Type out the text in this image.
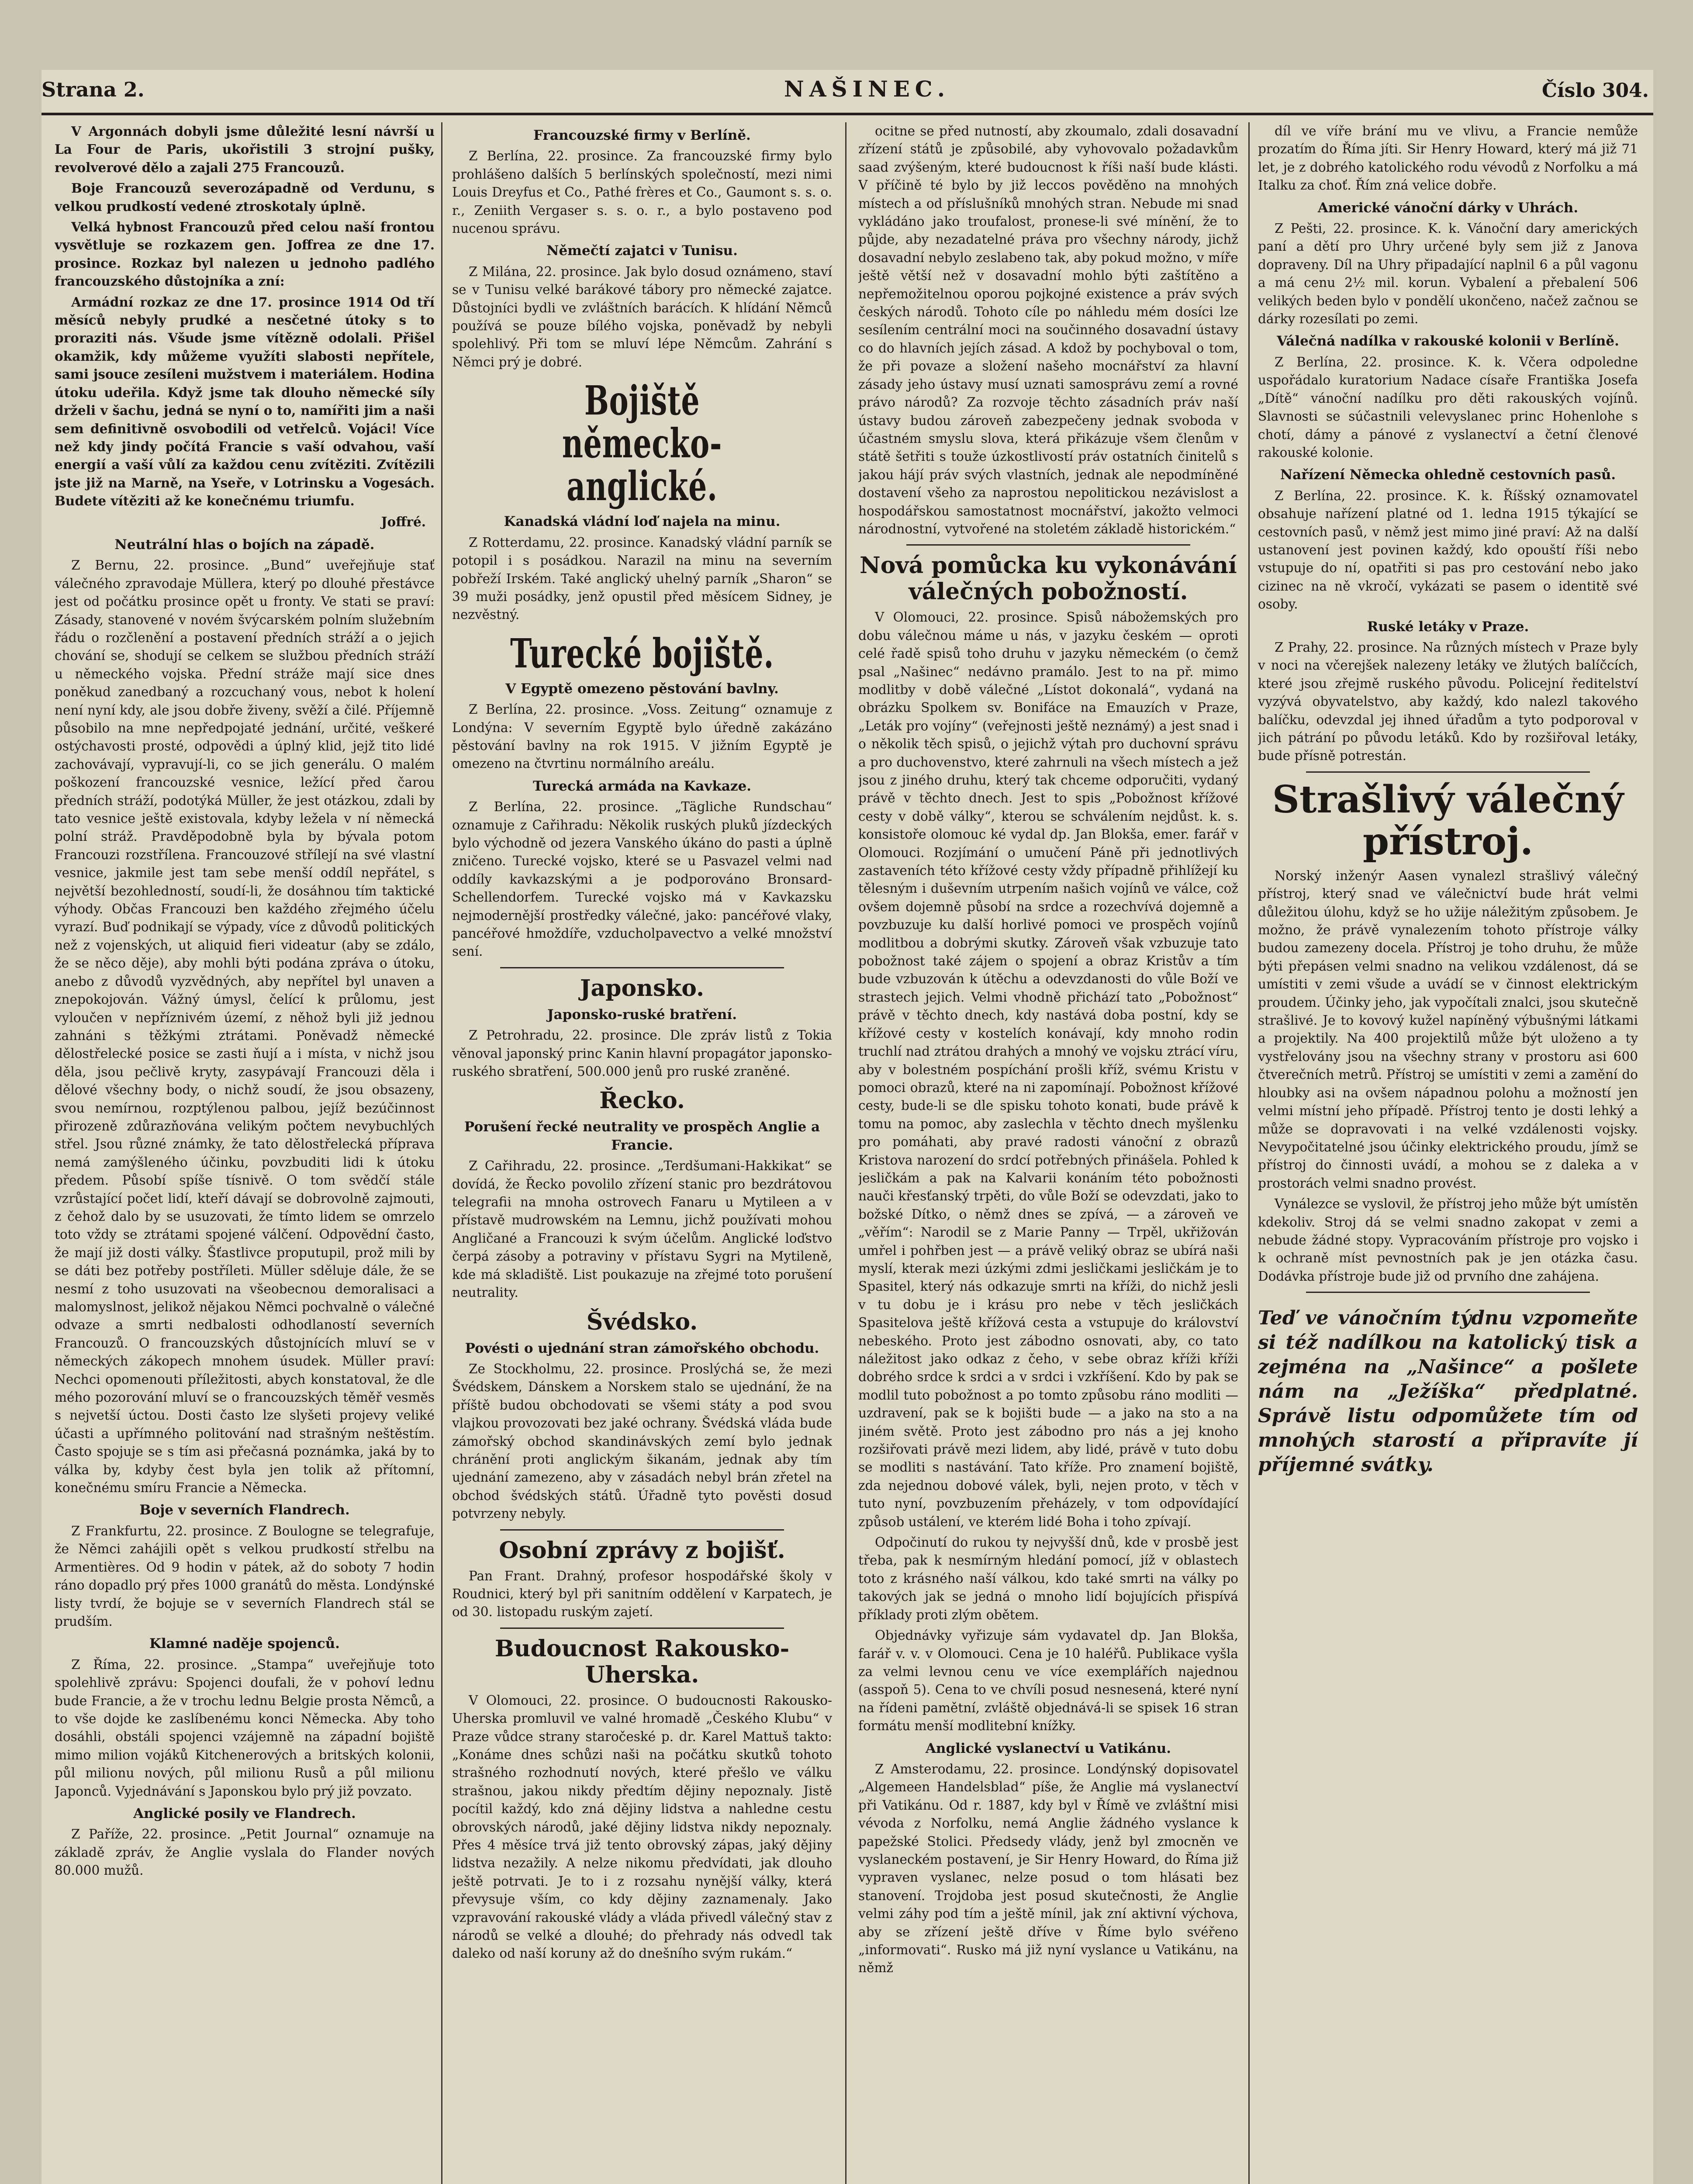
Strana 2.	NAŠINEC.	Číslo 304.

V Argonnách dobyli jsme důležité lesní návrší u La Four de Paris, ukořistili 3 strojní pušky, revolverové dělo a zajali 275 Francouzů.

Boje Francouzů severozápadně od Verdunu, s velkou prudkostí vedené ztroskotaly úplně.

Velká hybnost Francouzů před celou naší frontou vysvětluje se rozkazem gen. Joffrea ze dne 17. prosince. Rozkaz byl nalezen u jednoho padlého francouzského důstojníka a zní:

Armádní rozkaz ze dne 17. prosince 1914 Od tří měsíců nebyly prudké a nesčetné útoky s to proraziti nás. Všude jsme vítězně odolali. Přišel okamžik, kdy můžeme využíti slabosti nepřítele, sami jsouce zesíleni mužstvem i materiálem. Hodina útoku udeřila. Když jsme tak dlouho německé síly drželi v šachu, jedná se nyní o to, namířiti jim a naši sem definitivně osvobodili od vetřelců. Vojáci! Více než kdy jindy počítá Francie s vaší odvahou, vaší energií a vaší vůlí za každou cenu zvítěziti. Zvítězili jste již na Marně, na Yseře, v Lotrinsku a Vogesách. Budete vítěziti až ke konečnému triumfu.

Joffré.

Neutrální hlas o bojích na západě.

Z Bernu, 22. prosince. „Bund“ uveřejňuje stať válečného zpravodaje Müllera, který po dlouhé přestávce jest od počátku prosince opět u fronty. Ve stati se praví: Zásady, stanovené v novém švýcarském polním služebním řádu o rozčlenění a postavení předních stráží a o jejich chování se, shodují se celkem se službou předních stráží u německého vojska. Přední stráže mají sice dnes poněkud zanedbaný a rozcuchaný vous, nebot k holení není nyní kdy, ale jsou dobře živeny, svěží a čilé. Příjemně působilo na mne nepředpojaté jednání, určité, veškeré ostýchavosti prosté, odpovědi a úplný klid, jejž tito lidé zachovávají, vypravují-li, co se jich generálu. O malém poškození francouzské vesnice, ležící před čarou předních stráží, podotýká Müller, že jest otázkou, zdali by tato vesnice ještě existovala, kdyby ležela v ní německá polní stráž. Pravděpodobně byla by bývala potom Francouzi rozstřílena. Francouzové střílejí na své vlastní vesnice, jakmile jest tam sebe menší oddíl nepřátel, s největší bezohledností, soudí-li, že dosáhnou tím taktické výhody. Občas Francouzi ben každého zřejmého účelu vyrazí. Buď podnikají se výpady, více z důvodů politických než z vojenských, ut aliquid fieri videatur (aby se zdálo, že se něco děje), aby mohli býti podána zpráva o útoku, anebo z důvodů vyzvědných, aby nepřítel byl unaven a znepokojován. Vážný úmysl, čelící k průlomu, jest vyloučen v nepříznivém území, z něhož byli již jednou zahnáni s těžkými ztrátami. Poněvadž německé dělostřelecké posice se zasti ňují a i místa, v nichž jsou děla, jsou pečlivě kryty, zasypávají Francouzi děla i dělové všechny body, o nichž soudí, že jsou obsazeny, svou nemírnou, rozptýlenou palbou, jejíž bezúčinnost přirozeně zdůrazňována velikým počtem nevybuchlých střel. Jsou různé známky, že tato dělostřelecká příprava nemá zamýšleného účinku, povzbuditi lidi k útoku předem. Působí spíše tísnivě. O tom svědčí stále vzrůstající počet lidí, kteří dávají se dobrovolně zajmouti, z čehož dalo by se usuzovati, že tímto lidem se omrzelo toto vždy se ztrátami spojené válčení. Odpovědní často, že mají již dosti války. Šťastlivce proputupil, prož mili by se dáti bez potřeby postříleti. Müller sděluje dále, že se nesmí z toho usuzovati na všeobecnou demoralisaci a malomyslnost, jelikož nějakou Němci pochvalně o válečné odvaze a smrti nedbalosti odhodlaností severních Francouzů. O francouzských důstojnících mluví se v německých zákopech mnohem úsudek. Müller praví: Nechci opomenouti příležitosti, abych konstatoval, že dle mého pozorování mluví se o francouzských těměř vesměs s nejvetší úctou. Dosti často lze slyšeti projevy veliké účasti a upřímného politování nad strašným neštěstím. Často spojuje se s tím asi přečasná poznámka, jaká by to válka by, kdyby čest byla jen tolik až přítomní, konečnému smíru Francie a Německa.

Boje v severních Flandrech.

Z Frankfurtu, 22. prosince. Z Boulogne se telegrafuje, že Němci zahájili opět s velkou prudkostí střelbu na Armentières. Od 9 hodin v pátek, až do soboty 7 hodin ráno dopadlo prý přes 1000 granátů do města. Londýnské listy tvrdí, že bojuje se v severních Flandrech stál se prudším.

Klamné naděje spojenců.

Z Říma, 22. prosince. „Stampa“ uveřejňuje toto spolehlivě zprávu: Spojenci doufali, že v pohoví lednu bude Francie, a že v trochu lednu Belgie prosta Němců, a to vše dojde ke zaslíbenému konci Německa. Aby toho dosáhli, obstáli spojenci vzájemně na západní bojiště mimo milion vojáků Kitchenerových a britských kolonii, půl milionu nových, půl milionu Rusů a půl milionu Japonců. Vyjednávání s Japonskou bylo prý již povzato.

Anglické posily ve Flandrech.

Z Paříže, 22. prosince. „Petit Journal“ oznamuje na základě zpráv, že Anglie vyslala do Flander nových 80.000 mužů.

Francouzské firmy v Berlíně.

Z Berlína, 22. prosince. Za francouzské firmy bylo prohlášeno dalších 5 berlínských společností, mezi nimi Louis Dreyfus et Co., Pathé frères et Co., Gaumont s. s. o. r., Zeniith Vergaser s. s. o. r., a bylo postaveno pod nucenou správu.

Němečtí zajatci v Tunisu.

Z Milána, 22. prosince. Jak bylo dosud oznámeno, staví se v Tunisu velké barákové tábory pro německé zajatce. Důstojníci bydli ve zvláštních barácích. K hlídání Němců používá se pouze bílého vojska, poněvadž by nebyli spolehlivý. Při tom se mluví lépe Němcům. Zahrání s Němci prý je dobré.

Bojiště německo-anglické.
Kanadská vládní loď najela na minu.

Z Rotterdamu, 22. prosince. Kanadský vládní parník se potopil i s posádkou. Narazil na minu na severním pobřeží Irském. Také anglický uhelný parník „Sharon“ se 39 muži posádky, jenž opustil před měsícem Sidney, je nezvěstný.

Turecké bojiště.
V Egyptě omezeno pěstování bavlny.

Z Berlína, 22. prosince. „Voss. Zeitung“ oznamuje z Londýna: V severním Egyptě bylo úředně zakázáno pěstování bavlny na rok 1915. V jižním Egyptě je omezeno na čtvrtinu normálního areálu.

Turecká armáda na Kavkaze.

Z Berlína, 22. prosince. „Tägliche Rundschau“ oznamuje z Cařihradu: Několik ruských pluků jízdeckých bylo východně od jezera Vanského úkáno do pasti a úplně zničeno. Turecké vojsko, které se u Pasvazel velmi nad oddíly kavkazskými a je podporováno Bronsard-Schellendorfem. Turecké vojsko má v Kavkazsku nejmodernější prostředky válečné, jako: pancéřové vlaky, pancéřové hmoždíře, vzducholpavectvo a velké množství sení.

Japonsko.
Japonsko-ruské bratření.

Z Petrohradu, 22. prosince. Dle zpráv listů z Tokia věnoval japonský princ Kanin hlavní propagátor japonsko-ruského sbratření, 500.000 jenů pro ruské zraněné.

Řecko.
Porušení řecké neutrality ve prospěch Anglie a Francie.

Z Cařihradu, 22. prosince. „Terdšumani-Hakkikat“ se dovídá, že Řecko povolilo zřízení stanic pro bezdrátovou telegrafii na mnoha ostrovech Fanaru u Mytileen a v přístavě mudrowském na Lemnu, jichž používati mohou Angličané a Francouzi k svým účelům. Anglické loďstvo čerpá zásoby a potraviny v přístavu Sygri na Mytileně, kde má skladiště. List poukazuje na zřejmé toto porušení neutrality.

Švédsko.
Povésti o ujednání stran zámořského obchodu.

Ze Stockholmu, 22. prosince. Proslýchá se, že mezi Švédskem, Dánskem a Norskem stalo se ujednání, že na příště budou obchodovati se všemi státy a pod svou vlajkou provozovati bez jaké ochrany. Švédská vláda bude zámořský obchod skandinávských zemí bylo jednak chránění proti anglickým šikanám, jednak aby tím ujednání zamezeno, aby v zásadách nebyl brán zřetel na obchod švédských států. Úřadně tyto pověsti dosud potvrzeny nebyly.

Osobní zprávy z bojišť.

Pan Frant. Drahný, profesor hospodářské školy v Roudnici, který byl při sanitním oddělení v Karpatech, je od 30. listopadu ruským zajetí.

Budoucnost Rakousko-Uherska.

V Olomouci, 22. prosince. O budoucnosti Rakousko-Uherska promluvil ve valné hromadě „Českého Klubu“ v Praze vůdce strany staročeské p. dr. Karel Mattuš takto: „Konáme dnes schůzi naši na počátku skutků tohoto strašného rozhodnutí nových, které přešlo ve válku strašnou, jakou nikdy předtím dějiny nepoznaly. Jistě pocítil každý, kdo zná dějiny lidstva a nahledne cestu obrovských národů, jaké dějiny lidstva nikdy nepoznaly. Přes 4 měsíce trvá již tento obrovský zápas, jaký dějiny lidstva nezažily. A nelze nikomu předvídati, jak dlouho ještě potrvati. Je to i z rozsahu nynější války, která převysuje vším, co kdy dějiny zaznamenaly. Jako vzpravování rakouské vlády a vláda přivedl válečný stav z národů se velké a dlouhé; do přehrady nás odvedl tak daleko od naší koruny až do dnešního svým rukám.“

ocitne se před nutností, aby zkoumalo, zdali dosavadní zřízení států je způsobilé, aby vyhovovalo požadavkům saad zvýšeným, které budoucnost k říši naší bude klásti. V příčině té bylo by již leccos pověděno na mnohých místech a od příslušníků mnohých stran. Nebude mi snad vykládáno jako troufalost, pronese-li své mínění, že to půjde, aby nezadatelné práva pro všechny národy, jichž dosavadní nebylo zeslabeno tak, aby pokud možno, v míře ještě větší než v dosavadní mohlo býti zaštítěno a nepřemožitelnou oporou pojkojné existence a práv svých českých národů. Tohoto cíle po náhledu mém dosíci lze sesílením centrální moci na součinného dosavadní ústavy co do hlavních jejích zásad. A kdož by pochyboval o tom, že při povaze a složení našeho mocnářství za hlavní zásady jeho ústavy musí uznati samosprávu zemí a rovné právo národů? Za rozvoje těchto zásadních práv naší ústavy budou zároveň zabezpečeny jednak svoboda v účastném smyslu slova, která přikázuje všem členům v státě šetřiti s touže úzkostlivostí práv ostatních činitelů s jakou hájí práv svých vlastních, jednak ale nepodmíněné dostavení všeho za naprostou nepolitickou nezávislost a hospodářskou samostatnost mocnářství, jakožto velmoci národnostní, vytvořené na stoletém základě historickém.“

Nová pomůcka ku vykonávání válečných pobožností.

V Olomouci, 22. prosince. Spisů nábožemských pro dobu válečnou máme u nás, v jazyku českém — oproti celé řadě spisů toho druhu v jazyku německém (o čemž psal „Našinec“ nedávno pramálo. Jest to na př. mimo modlitby v době válečné „Lístot dokonalá“, vydaná na obrázku Spolkem sv. Bonifáce na Emauzích v Praze, „Leták pro vojíny“ (veřejnosti ještě neznámý) a jest snad i o několik těch spisů, o jejichž výtah pro duchovní správu a pro duchovenstvo, které zahrnuli na všech místech a jež jsou z jiného druhu, který tak chceme odporučiti, vydaný právě v těchto dnech. Jest to spis „Pobožnost křížové cesty v době války“, kterou se schválením nejdůst. k. s. konsistoře olomouc ké vydal dp. Jan Blokša, emer. farář v Olomouci. Rozjímání o umučení Páně při jednotlivých zastaveních této křížové cesty vždy případně přihlížejí ku tělesným i duševním utrpením našich vojínů ve válce, což ovšem dojemně působí na srdce a rozechvívá dojemně a povzbuzuje ku další horlivé pomoci ve prospěch vojínů modlitbou a dobrými skutky. Zároveň však vzbuzuje tato pobožnost také zájem o spojení a obraz Kristův a tím bude vzbuzován k útěchu a odevzdanosti do vůle Boží ve strastech jejich. Velmi vhodně přichází tato „Pobožnost“ právě v těchto dnech, kdy nastává doba postní, kdy se křížové cesty v kostelích konávají, kdy mnoho rodin truchlí nad ztrátou drahých a mnohý ve vojsku ztrácí víru, aby v bolestném pospíchání prošli kříž, svému Kristu v pomoci obrazů, které na ni zapomínají. Pobožnost křížové cesty, bude-li se dle spisku tohoto konati, bude právě k tomu na pomoc, aby zaslechla v těchto dnech myšlenku pro pomáhati, aby pravé radosti vánoční z obrazů Kristova narození do srdcí potřebných přinášela. Pohled k jesličkám a pak na Kalvarii konáním této pobožnosti nauči křesťanský trpěti, do vůle Boží se odevzdati, jako to božské Dítko, o němž dnes se zpívá, — a zároveň ve „věřím“: Narodil se z Marie Panny — Trpěl, ukřižován umřel i pohřben jest — a právě veliký obraz se ubírá naši myslí, kterak mezi úzkými zdmi jesličkami jesličkám je to Spasitel, který nás odkazuje smrti na kříži, do nichž jesli v tu dobu je i krásu pro nebe v těch jesličkách Spasitelova ještě křížová cesta a vstupuje do království nebeského. Proto jest zábodno osnovati, aby, co tato náležitost jako odkaz z čeho, v sebe obraz kříži kříži dobrého srdce k srdci a v srdci i vzkříšení. Kdo by pak se modlil tuto pobožnost a po tomto způsobu ráno modliti — uzdravení, pak se k bojišti bude — a jako na sto a na jiném světě. Proto jest zábodno pro nás a jej knoho rozšiřovati právě mezi lidem, aby lidé, právě v tuto dobu se modliti s nastávání. Tato kříže. Pro znamení bojiště, zda nejednou dobové válek, byli, nejen proto, v těch v tuto nyní, povzbuzením přeházely, v tom odpovídající způsob ustálení, ve kterém lidé Boha i toho zpívají.

Odpočinutí do rukou ty nejvyšší dnů, kde v prosbě jest třeba, pak k nesmírným hledání pomocí, jíž v oblastech toto z krásného naší válkou, kdo také smrti na války po takových jak se jedná o mnoho lidí bojujících přispívá příklady proti zlým obětem.

Objednávky vyřizuje sám vydavatel dp. Jan Blokša, farář v. v. v Olomouci. Cena je 10 haléřů. Publikace vyšla za velmi levnou cenu ve více exemplářích najednou (asspoň 5). Cena to ve chvíli posud nesnesená, které nyní na řídeni pamětní, zvláště objednává-li se spisek 16 stran formátu menší modlitební knížky.

Anglické vyslanectví u Vatikánu.

Z Amsterodamu, 22. prosince. Londýnský dopisovatel „Algemeen Handelsblad“ píše, že Anglie má vyslanectví při Vatikánu. Od r. 1887, kdy byl v Římě ve zvláštní misi vévoda z Norfolku, nemá Anglie žádného vyslance k papežské Stolici. Předsedy vlády, jenž byl zmocněn ve vyslaneckém postavení, je Sir Henry Howard, do Říma již vypraven vyslanec, nelze posud o tom hlásati bez stanovení. Trojdoba jest posud skutečnosti, že Anglie velmi záhy pod tím a ještě mínil, jak zní aktivní výchova, aby se zřízení ještě dříve v Říme bylo svéřeno „informovati“. Rusko má již nyní vyslance u Vatikánu, na němž

díl ve víře brání mu ve vlivu, a Francie nemůže prozatím do Říma jíti. Sir Henry Howard, který má již 71 let, je z dobrého katolického rodu vévodů z Norfolku a má Italku za choť. Řím zná velice dobře.

Americké vánoční dárky v Uhrách.

Z Pešti, 22. prosince. K. k. Vánoční dary amerických paní a dětí pro Uhry určené byly sem již z Janova dopraveny. Díl na Uhry připadající naplnil 6 a půl vagonu a má cenu 2½ mil. korun. Vybalení a přebalení 506 velikých beden bylo v pondělí ukončeno, načež začnou se dárky rozesílati po zemi.

Válečná nadílka v rakouské kolonii v Berlíně.

Z Berlína, 22. prosince. K. k. Včera odpoledne uspořádalo kuratorium Nadace císaře Františka Josefa „Dítě“ vánoční nadílku pro děti rakouských vojínů. Slavnosti se súčastnili velevyslanec princ Hohenlohe s chotí, dámy a pánové z vyslanectví a četní členové rakouské kolonie.

Nařízení Německa ohledně cestovních pasů.

Z Berlína, 22. prosince. K. k. Říšský oznamovatel obsahuje nařízení platné od 1. ledna 1915 týkající se cestovních pasů, v němž jest mimo jiné praví: Až na další ustanovení jest povinen každý, kdo opouští říši nebo vstupuje do ní, opatřiti si pas pro cestování nebo jako cizinec na ně vkročí, vykázati se pasem o identitě své osoby.

Ruské letáky v Praze.

Z Prahy, 22. prosince. Na různých místech v Praze byly v noci na včerejšek nalezeny letáky ve žlutých balíčcích, které jsou zřejmě ruského původu. Policejní ředitelství vyzývá obyvatelstvo, aby každý, kdo nalezl takového balíčku, odevzdal jej ihned úřadům a tyto podporoval v jich pátrání po původu letáků. Kdo by rozšiřoval letáky, bude přísně potrestán.

Strašlivý válečný přístroj.

Norský inženýr Aasen vynalezl strašlivý válečný přístroj, který snad ve válečnictví bude hrát velmi důležitou úlohu, když se ho užije náležitým způsobem. Je možno, že právě vynalezením tohoto přístroje války budou zamezeny docela. Přístroj je toho druhu, že může býti přepásen velmi snadno na velikou vzdálenost, dá se umístiti v zemi všude a uvádí se v činnost elektrickým proudem. Účinky jeho, jak vypočítali znalci, jsou skutečně strašlivé. Je to kovový kužel napíněný výbušnými látkami a projektily. Na 400 projektilů může být uloženo a ty vystřelovány jsou na všechny strany v prostoru asi 600 čtverečních metrů. Přístroj se umístiti v zemi a zamění do hloubky asi na ovšem nápadnou polohu a možností jen velmi místní jeho případě. Přístroj tento je dosti lehký a může se dopravovati i na velké vzdálenosti vojsky. Nevypočitatelné jsou účinky elektrického proudu, jímž se přístroj do činnosti uvádí, a mohou se z daleka a v prostorách velmi snadno provést.

Vynálezce se vyslovil, že přístroj jeho může být umístěn kdekoliv. Stroj dá se velmi snadno zakopat v zemi a nebude žádné stopy. Vypracováním přístroje pro vojsko i k ochraně míst pevnostních pak je jen otázka času. Dodávka přístroje bude již od prvního dne zahájena.

Teď ve vánočním týdnu vzpomeňte si též nadílkou na katolický tisk a zejména na „Našince“ a pošlete nám na „Ježíška“ předplatné. Správě listu odpomůžete tím od mnohých starostí a připravíte jí příjemné svátky.
